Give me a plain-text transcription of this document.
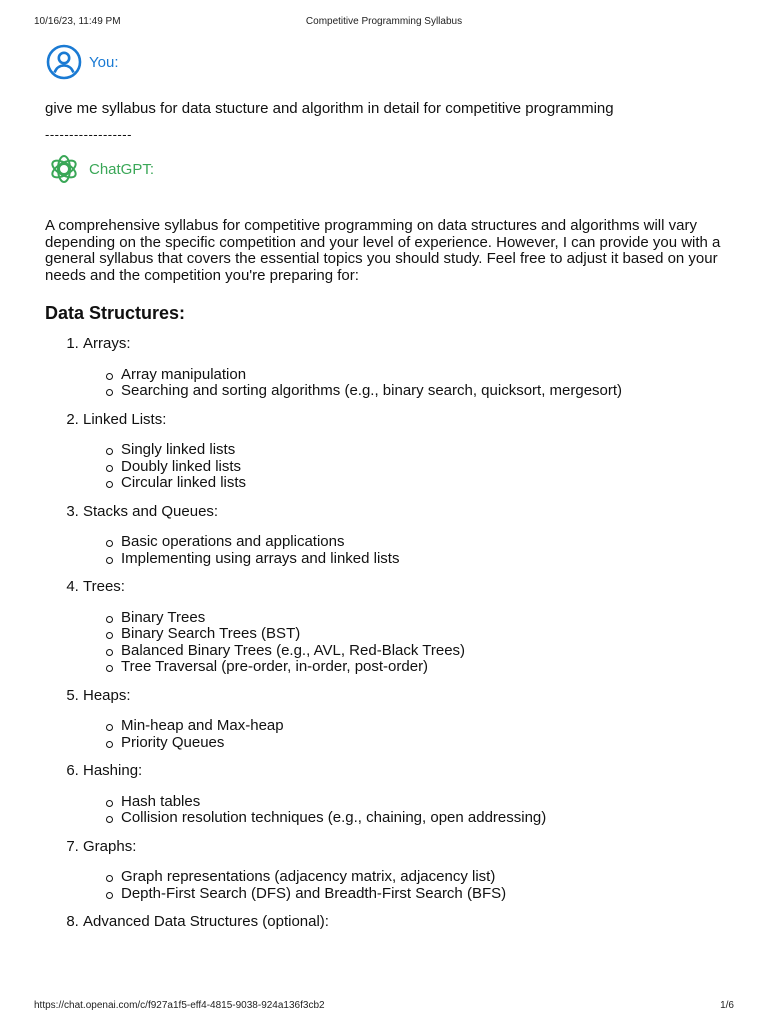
10/16/23, 11:49 PM	Competitive Programming Syllabus
You:
give me syllabus for data stucture and algorithm in detail for competitive programming
------------------
ChatGPT:

A comprehensive syllabus for competitive programming on data structures and algorithms will vary depending on the specific competition and your level of experience. However, I can provide you with a general syllabus that covers the essential topics you should study. Feel free to adjust it based on your needs and the competition you're preparing for:

Data Structures:
1. Arrays:
Array manipulation
Searching and sorting algorithms (e.g., binary search, quicksort, mergesort)
2. Linked Lists:
Singly linked lists
Doubly linked lists
Circular linked lists
3. Stacks and Queues:
Basic operations and applications
Implementing using arrays and linked lists
4. Trees:
Binary Trees
Binary Search Trees (BST)
Balanced Binary Trees (e.g., AVL, Red-Black Trees)
Tree Traversal (pre-order, in-order, post-order)
5. Heaps:
Min-heap and Max-heap
Priority Queues
6. Hashing:
Hash tables
Collision resolution techniques (e.g., chaining, open addressing)
7. Graphs:
Graph representations (adjacency matrix, adjacency list)
Depth-First Search (DFS) and Breadth-First Search (BFS)
8. Advanced Data Structures (optional):
https://chat.openai.com/c/f927a1f5-eff4-4815-9038-924a136f3cb2	1/6
